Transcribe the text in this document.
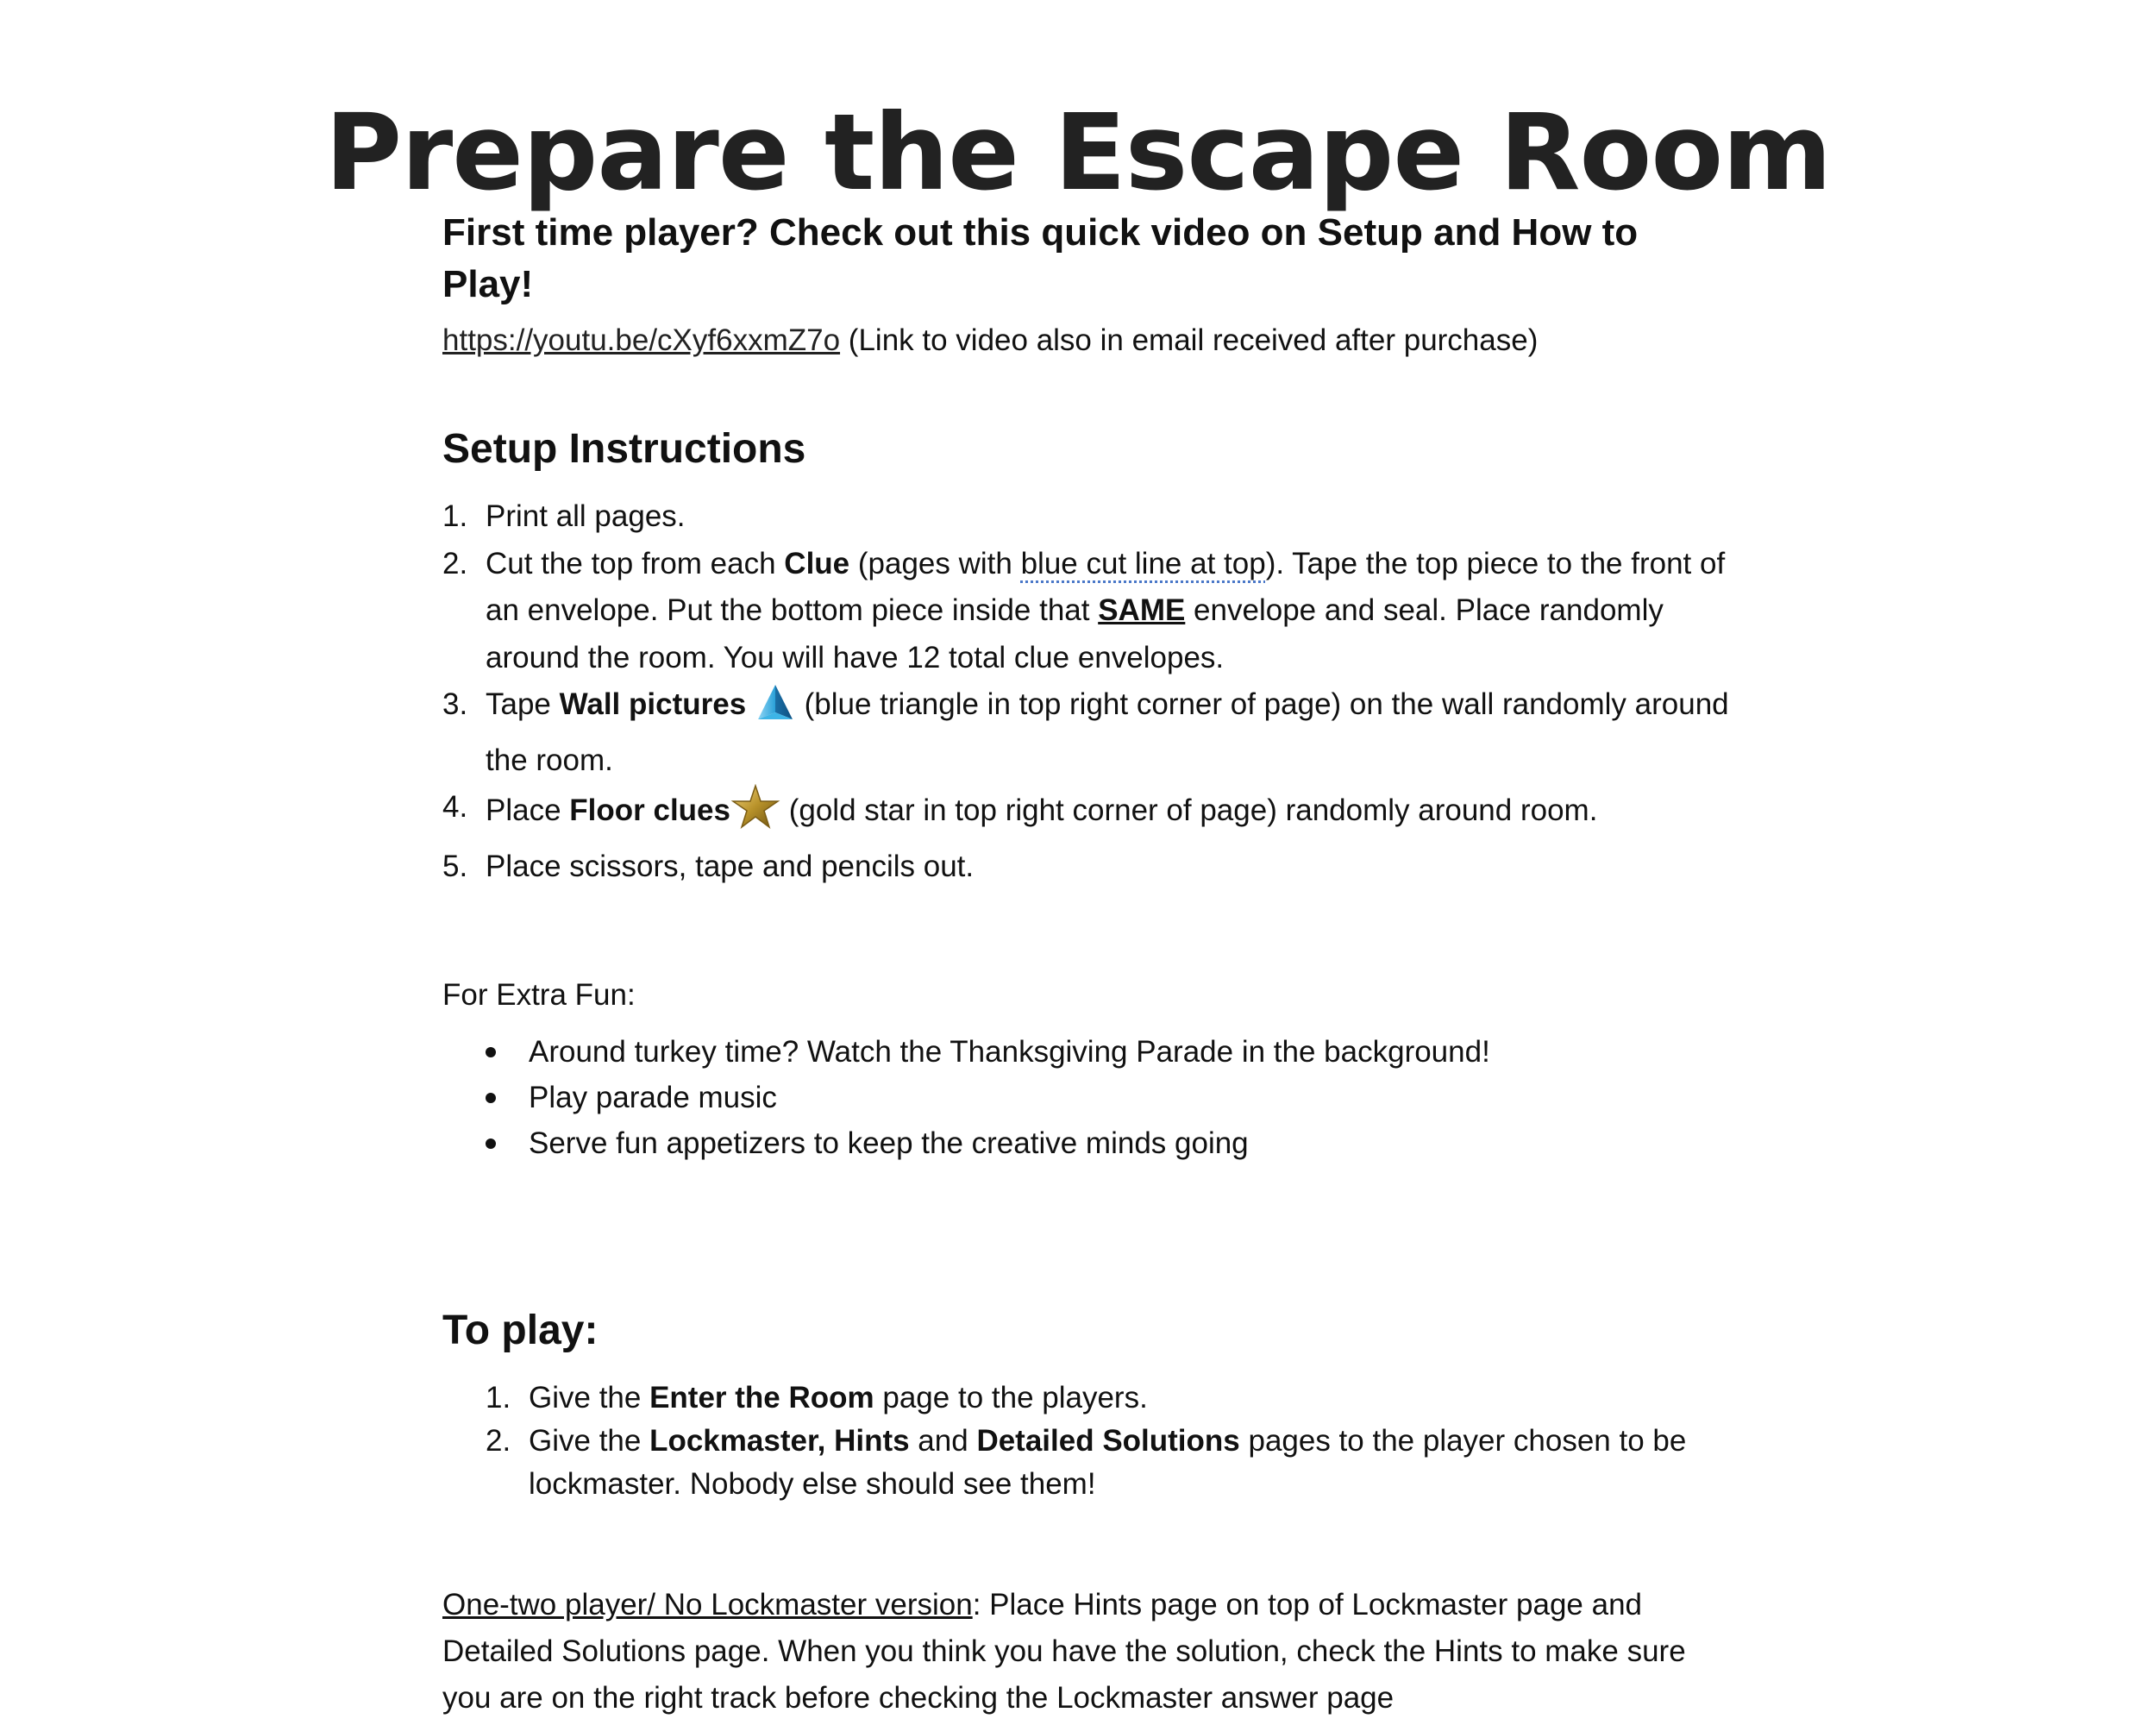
Prepare the Escape Room

First time player? Check out this quick video on Setup and How to Play!

https://youtu.be/cXyf6xxmZ7o (Link to video also in email received after purchase)

Setup Instructions

1. Print all pages.
2. Cut the top from each Clue (pages with blue cut line at top). Tape the top piece to the front of an envelope. Put the bottom piece inside that SAME envelope and seal. Place randomly around the room. You will have 12 total clue envelopes.
3. Tape Wall pictures  (blue triangle in top right corner of page) on the wall randomly around the room.
4. Place Floor clues (gold star in top right corner of page) randomly around room.
5. Place scissors, tape and pencils out.

For Extra Fun:

Around turkey time? Watch the Thanksgiving Parade in the background!
Play parade music
Serve fun appetizers to keep the creative minds going

To play:

1. Give the Enter the Room page to the players.
2. Give the Lockmaster, Hints and Detailed Solutions pages to the player chosen to be lockmaster. Nobody else should see them!

One-two player/ No Lockmaster version: Place Hints page on top of Lockmaster page and Detailed Solutions page. When you think you have the solution, check the Hints to make sure you are on the right track before checking the Lockmaster answer page
